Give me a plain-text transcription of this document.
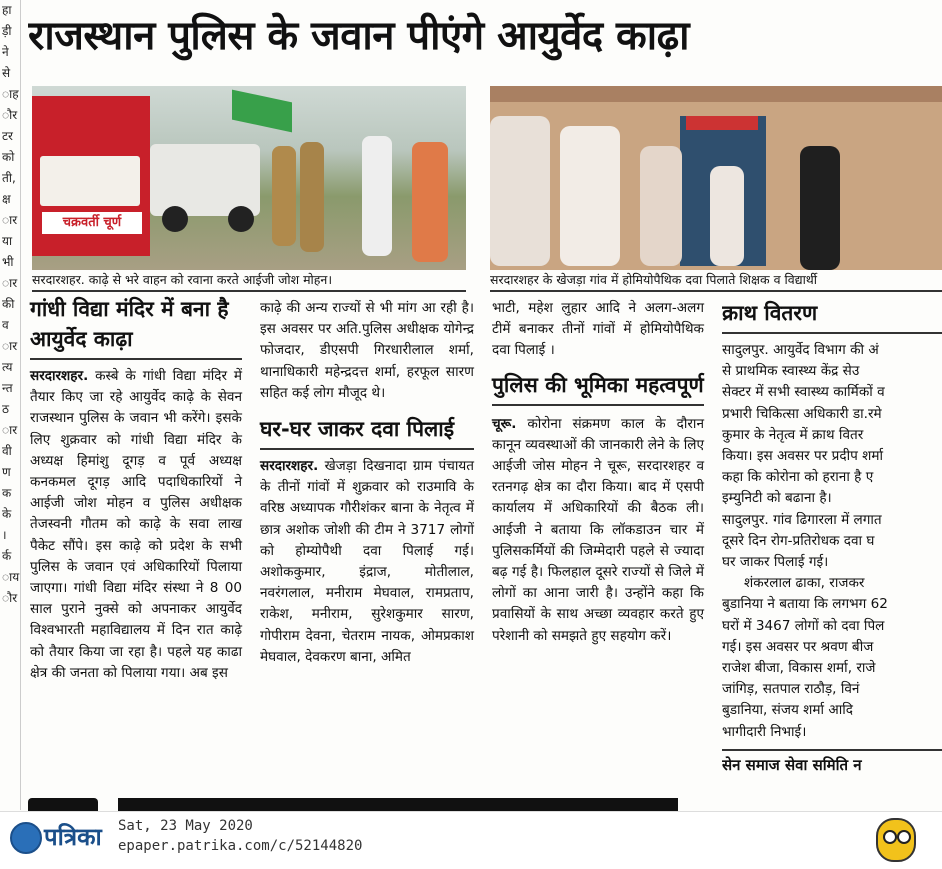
हा
ड़ी
ने
से
ाह
ौर
टर
को
ती,
क्ष
ार
या
भी
ार
की
व
ार
त्य
न्त
ठ
ार
वी
ण
क
के
।
र्क
ाय
ौर
राजस्थान पुलिस के जवान पीएंगे आयुर्वेद काढ़ा
चक्रवर्ती चूर्ण
सरदारशहर. काढ़े से भरे वाहन को रवाना करते आईजी जोश मोहन।	सरदारशहर के खेजड़ा गांव में होमियोपैथिक दवा पिलाते शिक्षक व विद्यार्थी
गांधी विद्या मंदिर में बना है आयुर्वेद काढ़ा

सरदारशहर. कस्बे के गांधी विद्या मंदिर में तैयार किए जा रहे आयुर्वेद काढ़े के सेवन राजस्थान पुलिस के जवान भी करेंगे। इसके लिए शुक्रवार को गांधी विद्या मंदिर के अध्यक्ष हिमांशु दूगड़ व पूर्व अध्यक्ष कनकमल दूगड़ आदि पदाधिकारियों ने आईजी जोश मोहन व पुलिस अधीक्षक तेजस्वनी गौतम को काढ़े के सवा लाख पैकेट सौंपे। इस काढ़े को प्रदेश के सभी पुलिस के जवान एवं अधिकारियों पिलाया जाएगा। गांधी विद्या मंदिर संस्था ने 8 00 साल पुराने नुक्से को अपनाकर आयुर्वेद विश्वभारती महाविद्यालय में दिन रात काढ़े को तैयार किया जा रहा है। पहले यह काढा क्षेत्र की जनता को पिलाया गया। अब इस

काढ़े की अन्य राज्यों से भी मांग आ रही है। इस अवसर पर अति.पुलिस अधीक्षक योगेन्द्र फोजदार, डीएसपी गिरधारीलाल शर्मा, थानाधिकारी महेन्द्रदत्त शर्मा, हरफूल सारण सहित कई लोग मौजूद थे।

घर-घर जाकर दवा पिलाई

सरदारशहर. खेजड़ा दिखनादा ग्राम पंचायत के तीनों गांवों में शुक्रवार को राउमावि के वरिष्ठ अध्यापक गौरीशंकर बाना के नेतृत्व में छात्र अशोक जोशी की टीम ने 3717 लोगों को होम्योपैथी दवा पिलाई गई। अशोककुमार, इंद्राज, मोतीलाल, नवरंगलाल, मनीराम मेघवाल, रामप्रताप, राकेश, मनीराम, सुरेशकुमार सारण, गोपीराम देवना, चेतराम नायक, ओमप्रकाश मेघवाल, देवकरण बाना, अमित

भाटी, महेश लुहार आदि ने अलग-अलग टीमें बनाकर तीनों गांवों में होमियोपैथिक दवा पिलाई ।

पुलिस की भूमिका महत्वपूर्ण

चूरू. कोरोना संक्रमण काल के दौरान कानून व्यवस्थाओं की जानकारी लेने के लिए आईजी जोस मोहन ने चूरू, सरदारशहर व रतनगढ़ क्षेत्र का दौरा किया। बाद में एसपी कार्यालय में अधिकारियों की बैठक ली। आईजी ने बताया कि लॉकडाउन चार में पुलिसकर्मियों की जिम्मेदारी पहले से ज्यादा बढ़ गई है। फिलहाल दूसरे राज्यों से जिले में लोगों का आना जारी है। उन्होंने कहा कि प्रवासियों के साथ अच्छा व्यवहार करते हुए परेशानी को समझते हुए सहयोग करें।

क्राथ वितरण

सादुलपुर. आयुर्वेद विभाग की अं

से प्राथमिक स्वास्थ्य केंद्र सेउ

सेक्टर में सभी स्वास्थ्य कार्मिकों व

प्रभारी चिकित्सा अधिकारी डा.रमे

कुमार के नेतृत्व में क्राथ वितर

किया। इस अवसर पर प्रदीप शर्मा

कहा कि कोरोना को हराना है ए

इम्युनिटी को बढाना है।

सादुलपुर. गांव ढिगारला में लगात

दूसरे दिन रोग-प्रतिरोधक दवा घ

घर जाकर पिलाई गई।

शंकरलाल ढाका, राजकर

बुडानिया ने बताया कि लगभग 62

घरों में 3467 लोगों को दवा पिल

गई। इस अवसर पर श्रवण बीज

राजेश बीजा, विकास शर्मा, राजे

जांगिड़, सतपाल राठौड़, विनं

बुडानिया, संजय शर्मा आदि

भागीदारी निभाई।

सेन समाज सेवा समिति न
पत्रिका Sat, 23 May 2020
epaper.patrika.com/c/52144820
